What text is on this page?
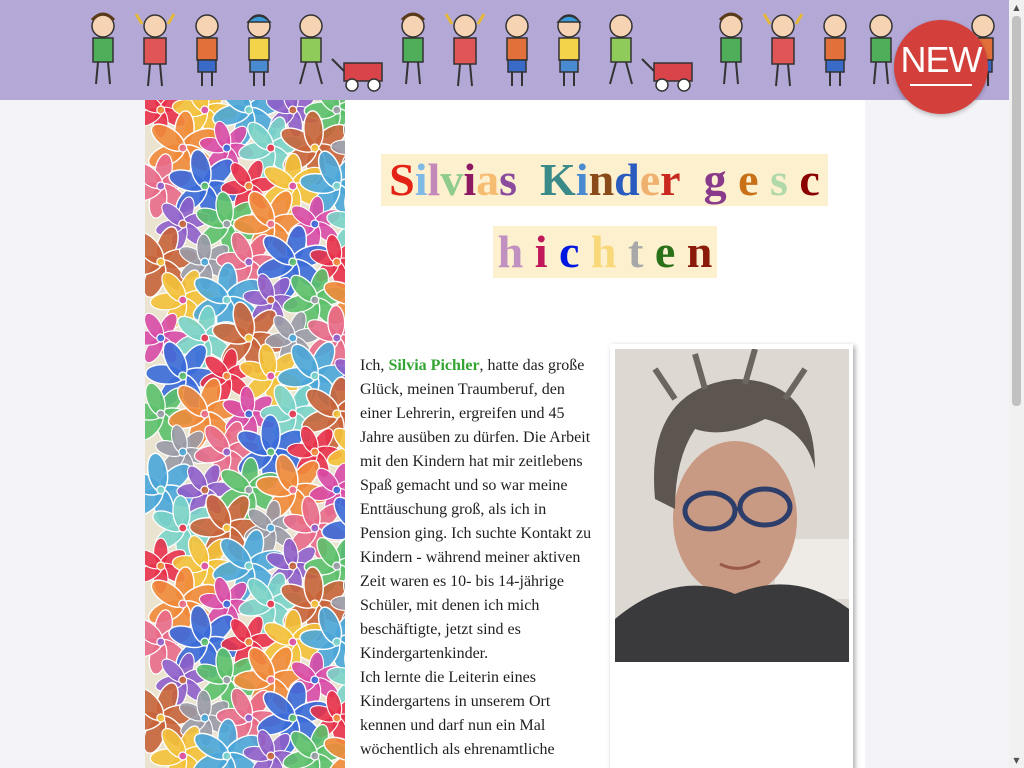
NEW
Silvias Kinder g e s c
h i c h t e n
Ich, Silvia Pichler, hatte das große Glück, meinen Traumberuf, den einer Lehrerin, ergreifen und 45 Jahre ausüben zu dürfen. Die Arbeit mit den Kindern hat mir zeitlebens Spaß gemacht und so war meine Enttäuschung groß, als ich in Pension ging. Ich suchte Kontakt zu Kindern - während meiner aktiven Zeit waren es 10- bis 14-jährige Schüler, mit denen ich mich beschäftigte, jetzt sind es Kindergartenkinder.
Ich lernte die Leiterin eines Kindergartens in unserem Ort kennen und darf nun ein Mal wöchentlich als ehrenamtliche
▲
▼
